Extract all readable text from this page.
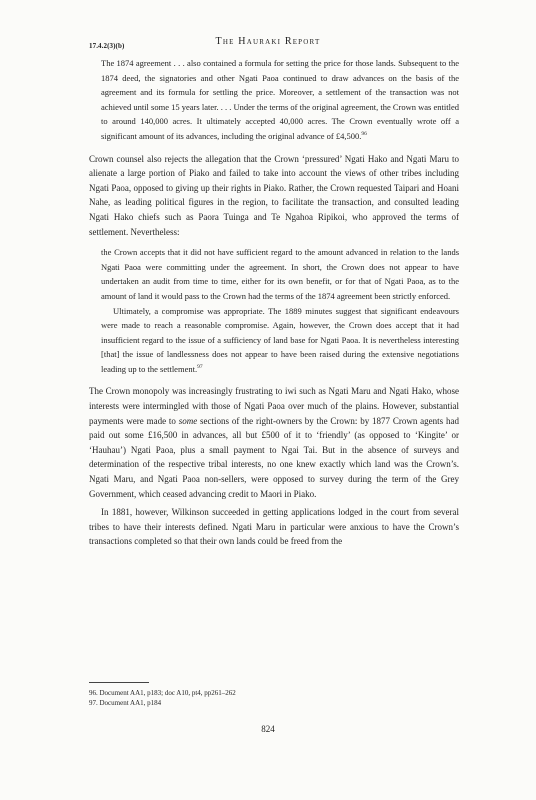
17.4.2(3)(b)	The Hauraki Report

The 1874 agreement . . . also contained a formula for setting the price for those lands. Subsequent to the 1874 deed, the signatories and other Ngati Paoa continued to draw advances on the basis of the agreement and its formula for settling the price. Moreover, a settlement of the transaction was not achieved until some 15 years later. . . . Under the terms of the original agreement, the Crown was entitled to around 140,000 acres. It ultimately accepted 40,000 acres. The Crown eventually wrote off a significant amount of its advances, including the original advance of £4,500.96

Crown counsel also rejects the allegation that the Crown ‘pressured’ Ngati Hako and Ngati Maru to alienate a large portion of Piako and failed to take into account the views of other tribes including Ngati Paoa, opposed to giving up their rights in Piako. Rather, the Crown requested Taipari and Hoani Nahe, as leading political figures in the region, to facilitate the transaction, and consulted leading Ngati Hako chiefs such as Paora Tuinga and Te Ngahoa Ripikoi, who approved the terms of settlement. Nevertheless:

the Crown accepts that it did not have sufficient regard to the amount advanced in relation to the lands Ngati Paoa were committing under the agreement. In short, the Crown does not appear to have undertaken an audit from time to time, either for its own benefit, or for that of Ngati Paoa, as to the amount of land it would pass to the Crown had the terms of the 1874 agreement been strictly enforced.

Ultimately, a compromise was appropriate. The 1889 minutes suggest that significant endeavours were made to reach a reasonable compromise. Again, however, the Crown does accept that it had insufficient regard to the issue of a sufficiency of land base for Ngati Paoa. It is nevertheless interesting [that] the issue of landlessness does not appear to have been raised during the extensive negotiations leading up to the settlement.$^{97}$

The Crown monopoly was increasingly frustrating to iwi such as Ngati Maru and Ngati Hako, whose interests were intermingled with those of Ngati Paoa over much of the plains. However, substantial payments were made to some sections of the right-owners by the Crown: by 1877 Crown agents had paid out some £16,500 in advances, all but £500 of it to ‘friendly’ (as opposed to ‘Kingite’ or ‘Hauhau’) Ngati Paoa, plus a small payment to Ngai Tai. But in the absence of surveys and determination of the respective tribal interests, no one knew exactly which land was the Crown’s. Ngati Maru, and Ngati Paoa non-sellers, were opposed to survey during the term of the Grey Government, which ceased advancing credit to Maori in Piako.

In 1881, however, Wilkinson succeeded in getting applications lodged in the court from several tribes to have their interests defined. Ngati Maru in particular were anxious to have the Crown’s transactions completed so that their own lands could be freed from the

96. Document AA1, p183; doc A10, pt4, pp261–262
97. Document AA1, p184
824
